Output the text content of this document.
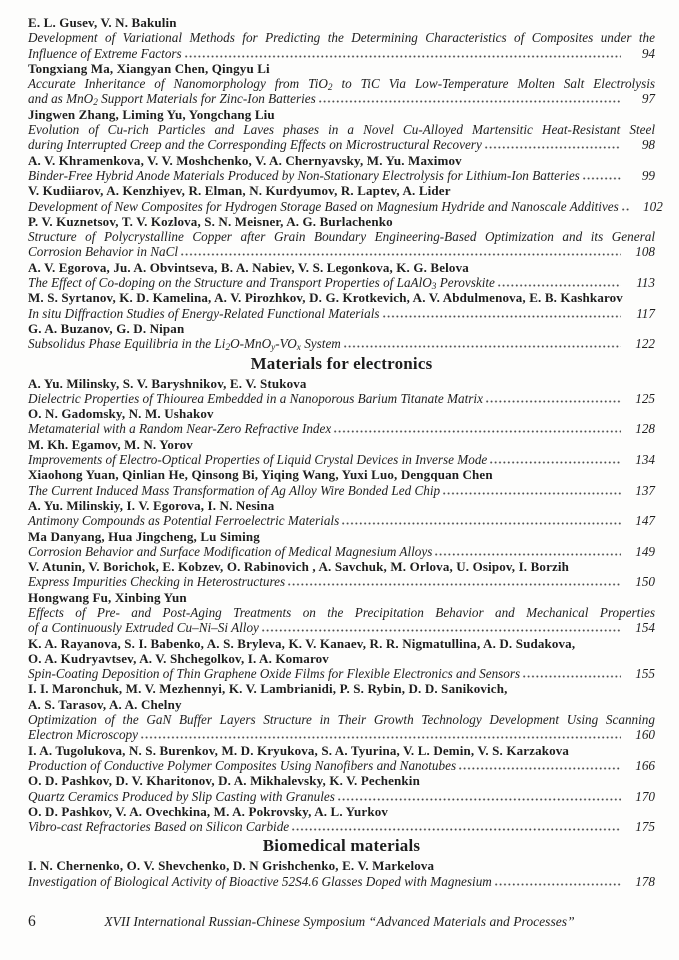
E. L. Gusev, V. N. Bakulin
Development of Variational Methods for Predicting the Determining Characteristics of Composites under the
Influence of Extreme Factors	94
Tongxiang Ma, Xiangyan Chen, Qingyu Li
Accurate Inheritance of Nanomorphology from TiO$_2$ to TiC Via Low-Temperature Molten Salt Electrolysis
and as MnO$_2$ Support Materials for Zinc-Ion Batteries	97
Jingwen Zhang, Liming Yu, Yongchang Liu
Evolution of Cu-rich Particles and Laves phases in a Novel Cu-Alloyed Martensitic Heat-Resistant Steel
during Interrupted Creep and the Corresponding Effects on Microstructural Recovery	98
A. V. Khramenkova, V. V. Moshchenko, V. A. Chernyavsky, M. Yu. Maximov
Binder-Free Hybrid Anode Materials Produced by Non-Stationary Electrolysis for Lithium-Ion Batteries	99
V. Kudiiarov, A. Kenzhiyev, R. Elman, N. Kurdyumov, R. Laptev, A. Lider
Development of New Composites for Hydrogen Storage Based on Magnesium Hydride and Nanoscale Additives	102
P. V. Kuznetsov, T. V. Kozlova, S. N. Meisner, A. G. Burlachenko
Structure of Polycrystalline Copper after Grain Boundary Engineering-Based Optimization and its General
Corrosion Behavior in NaCl	108
A. V. Egorova, Ju. A. Obvintseva, B. A. Nabiev, V. S. Legonkova, K. G. Belova
The Effect of Co-doping on the Structure and Transport Properties of LaAlO$_3$ Perovskite	113
M. S. Syrtanov, K. D. Kamelina, A. V. Pirozhkov, D. G. Krotkevich, A. V. Abdulmenova, E. B. Kashkarov
In situ Diffraction Studies of Energy-Related Functional Materials	117
G. A. Buzanov, G. D. Nipan
Subsolidus Phase Equilibria in the $Li_2O-MnO_y-VO_x$ System	122
Materials for electronics
A. Yu. Milinsky, S. V. Baryshnikov, E. V. Stukova
Dielectric Properties of Thiourea Embedded in a Nanoporous Barium Titanate Matrix	125
O. N. Gadomsky, N. M. Ushakov
Metamaterial with a Random Near-Zero Refractive Index	128
M. Kh. Egamov, M. N. Yorov
Improvements of Electro-Optical Properties of Liquid Crystal Devices in Inverse Mode	134
Xiaohong Yuan, Qinlian He, Qinsong Bi, Yiqing Wang, Yuxi Luo, Dengquan Chen
The Current Induced Mass Transformation of Ag Alloy Wire Bonded Led Chip	137
A. Yu. Milinskiy, I. V. Egorova, I. N. Nesina
Antimony Compounds as Potential Ferroelectric Materials	147
Ma Danyang, Hua Jingcheng, Lu Siming
Corrosion Behavior and Surface Modification of Medical Magnesium Alloys	149
V. Atunin, V. Borichok, E. Kobzev, O. Rabinovich , A. Savchuk, M. Orlova, U. Osipov, I. Borzih
Express Impurities Checking in Heterostructures	150
Hongwang Fu, Xinbing Yun
Effects of Pre- and Post-Aging Treatments on the Precipitation Behavior and Mechanical Properties
of a Continuously Extruded Cu–Ni–Si Alloy	154
K. A. Rayanova, S. I. Babenko, A. S. Bryleva, K. V. Kanaev, R. R. Nigmatullina, A. D. Sudakova,
O. A. Kudryavtsev, A. V. Shchegolkov, I. A. Komarov
Spin-Coating Deposition of Thin Graphene Oxide Films for Flexible Electronics and Sensors	155
I. I. Maronchuk, M. V. Mezhennyi, K. V. Lambrianidi, P. S. Rybin, D. D. Sanikovich,
A. S. Tarasov, A. A. Chelny
Optimization of the GaN Buffer Layers Structure in Their Growth Technology Development Using Scanning
Electron Microscopy	160
I. A. Tugolukova, N. S. Burenkov, M. D. Kryukova, S. A. Tyurina, V. L. Demin, V. S. Karzakova
Production of Conductive Polymer Composites Using Nanofibers and Nanotubes	166
O. D. Pashkov, D. V. Kharitonov, D. A. Mikhalevsky, K. V. Pechenkin
Quartz Ceramics Produced by Slip Casting with Granules	170
O. D. Pashkov, V. A. Ovechkina, M. A. Pokrovsky, A. L. Yurkov
Vibro-cast Refractories Based on Silicon Carbide	175
Biomedical materials
I. N. Chernenko, O. V. Shevchenko, D. N Grishchenko, E. V. Markelova
Investigation of Biological Activity of Bioactive 52S4.6 Glasses Doped with Magnesium	178
6	XVII International Russian-Chinese Symposium “Advanced Materials and Processes”
